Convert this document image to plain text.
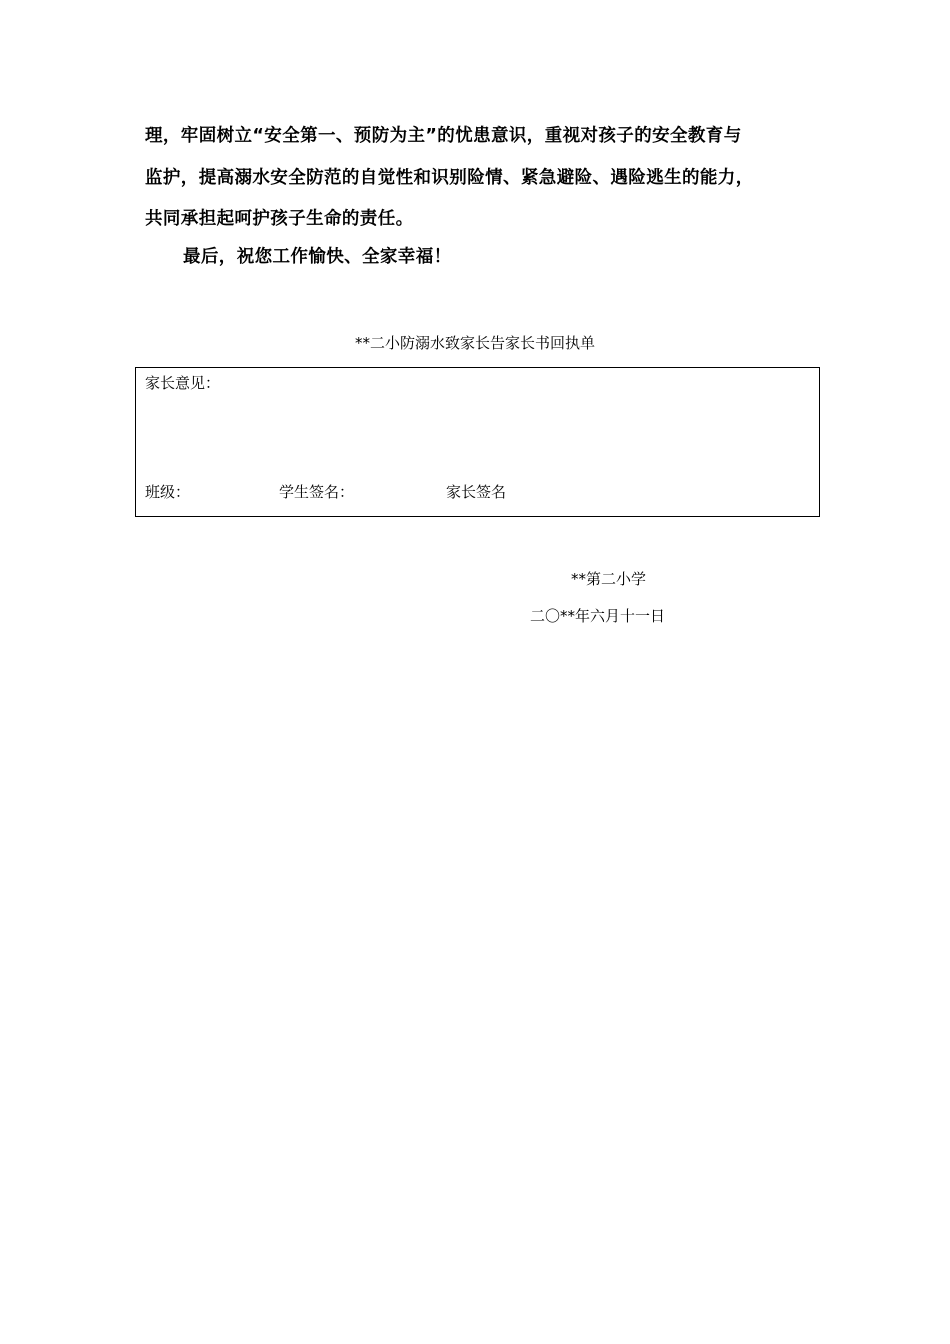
理，牢固树立“安全第一、预防为主”的忧患意识，重视对孩子的安全教育与
监护，提高溺水安全防范的自觉性和识别险情、紧急避险、遇险逃生的能力，
共同承担起呵护孩子生命的责任。
最后，祝您工作愉快、全家幸福！
**二小防溺水致家长告家长书回执单
家长意见：
班级：	学生签名：	家长签名
**第二小学
二〇**年六月十一日
